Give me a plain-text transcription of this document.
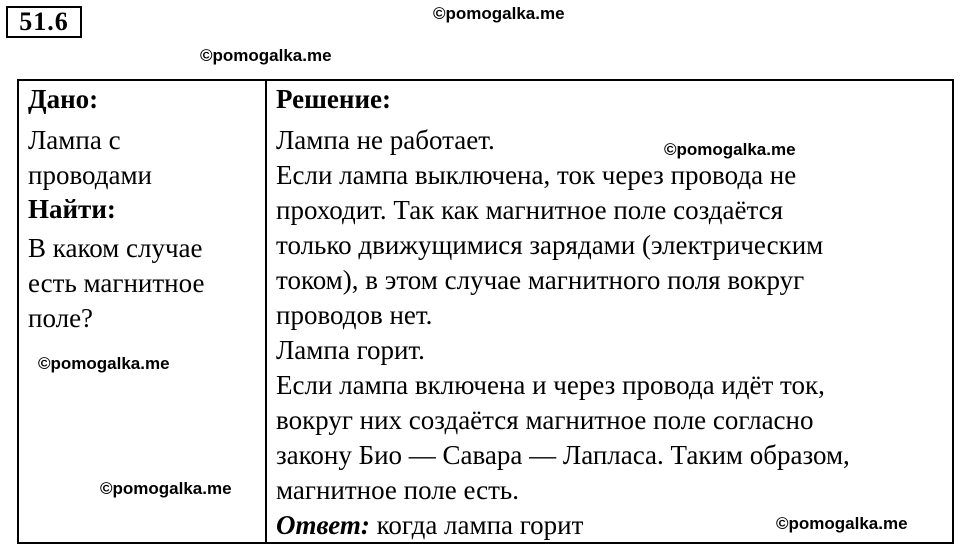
51.6	©pomogalka.me
©pomogalka.me
Дано:
Лампа с
проводами
Найти:
В каком случае
есть магнитное
поле?
Решение:
Лампа не работает.
Если лампа выключена, ток через провода не
проходит. Так как магнитное поле создаётся
только движущимися зарядами (электрическим
током), в этом случае магнитного поля вокруг
проводов нет.
Лампа горит.
Если лампа включена и через провода идёт ток,
вокруг них создаётся магнитное поле согласно
закону Био — Савара — Лапласа. Таким образом,
магнитное поле есть.
Ответ: когда лампа горит
©pomogalka.me
©pomogalka.me
©pomogalka.me
©pomogalka.me
